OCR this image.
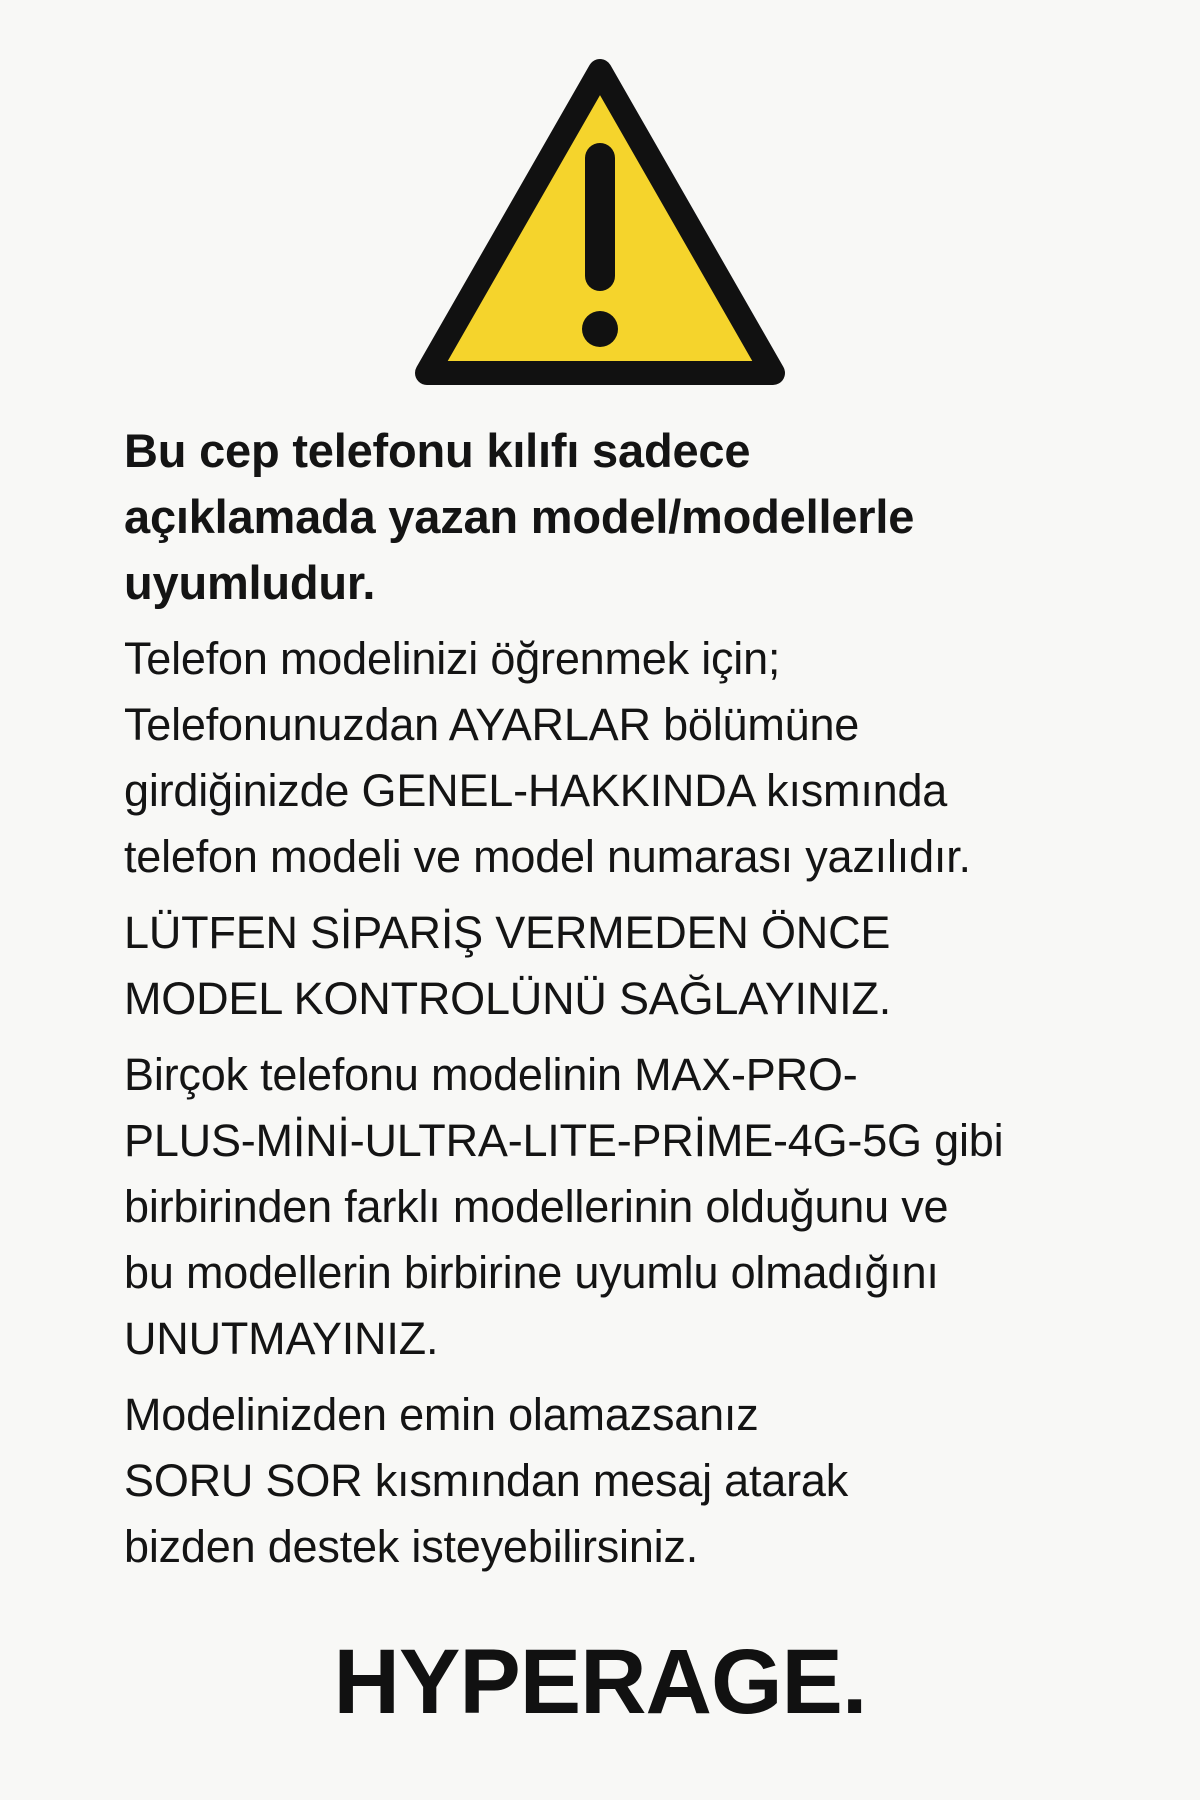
Bu cep telefonu kılıfı sadece
açıklamada yazan model/modellerle
uyumludur.
Telefon modelinizi öğrenmek için;
Telefonunuzdan AYARLAR bölümüne
girdiğinizde GENEL-HAKKINDA kısmında
telefon modeli ve model numarası yazılıdır.
LÜTFEN SİPARİŞ VERMEDEN ÖNCE
MODEL KONTROLÜNÜ SAĞLAYINIZ.
Birçok telefonu modelinin MAX-PRO-
PLUS-MİNİ-ULTRA-LITE-PRİME-4G-5G gibi
birbirinden farklı modellerinin olduğunu ve
bu modellerin birbirine uyumlu olmadığını
UNUTMAYINIZ.
Modelinizden emin olamazsanız
SORU SOR kısmından mesaj atarak
bizden destek isteyebilirsiniz.
HYPERAGE.
